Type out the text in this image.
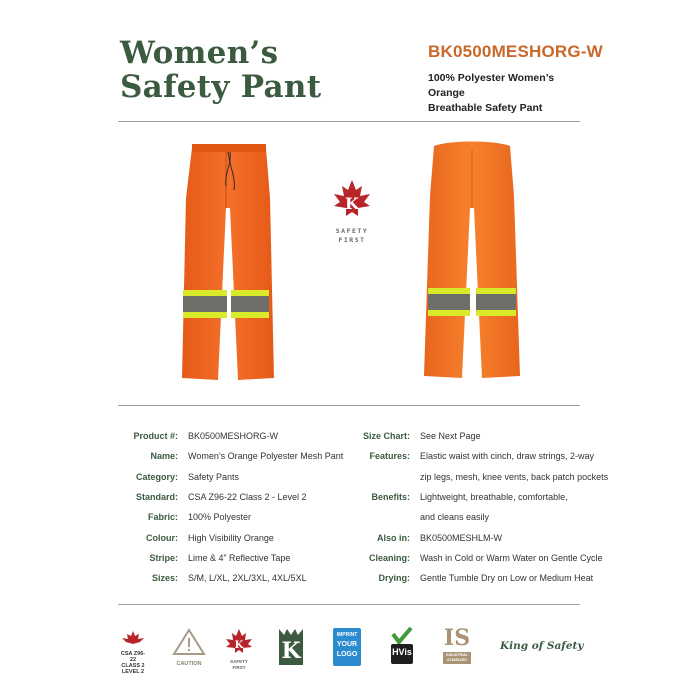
Women’s
Safety Pant
BK0500MESHORG-W
100% Polyester Women’s Orange
Breathable Safety Pant
K
SAFETY
FIRST
Product #: BK0500MESHORG-W
Name: Women’s Orange Polyester Mesh Pant
Category: Safety Pants
Standard: CSA Z96-22 Class 2 - Level 2
Fabric: 100% Polyester
Colour: High Visibility Orange
Stripe: Lime & 4” Reflective Tape
Sizes: S/M, L/XL, 2XL/3XL, 4XL/5XL
Size Chart: See Next Page
Features: Elastic waist with cinch, draw strings, 2-way
zip legs, mesh, knee vents, back patch pockets
Benefits: Lightweight, breathable, comfortable,
and cleans easily
Also in: BK0500MESHLM-W
Cleaning: Wash in Cold or Warm Water on Gentle Cycle
Drying: Gentle Tumble Dry on Low or Medium Heat
CSA Z96-22
CLASS 2
LEVEL 2
CAUTION
K
SAFETY FIRST
K
IMPRINT
YOUR
LOGO	HVis
IS
INDUSTRIAL STANDARD
King of Safety
